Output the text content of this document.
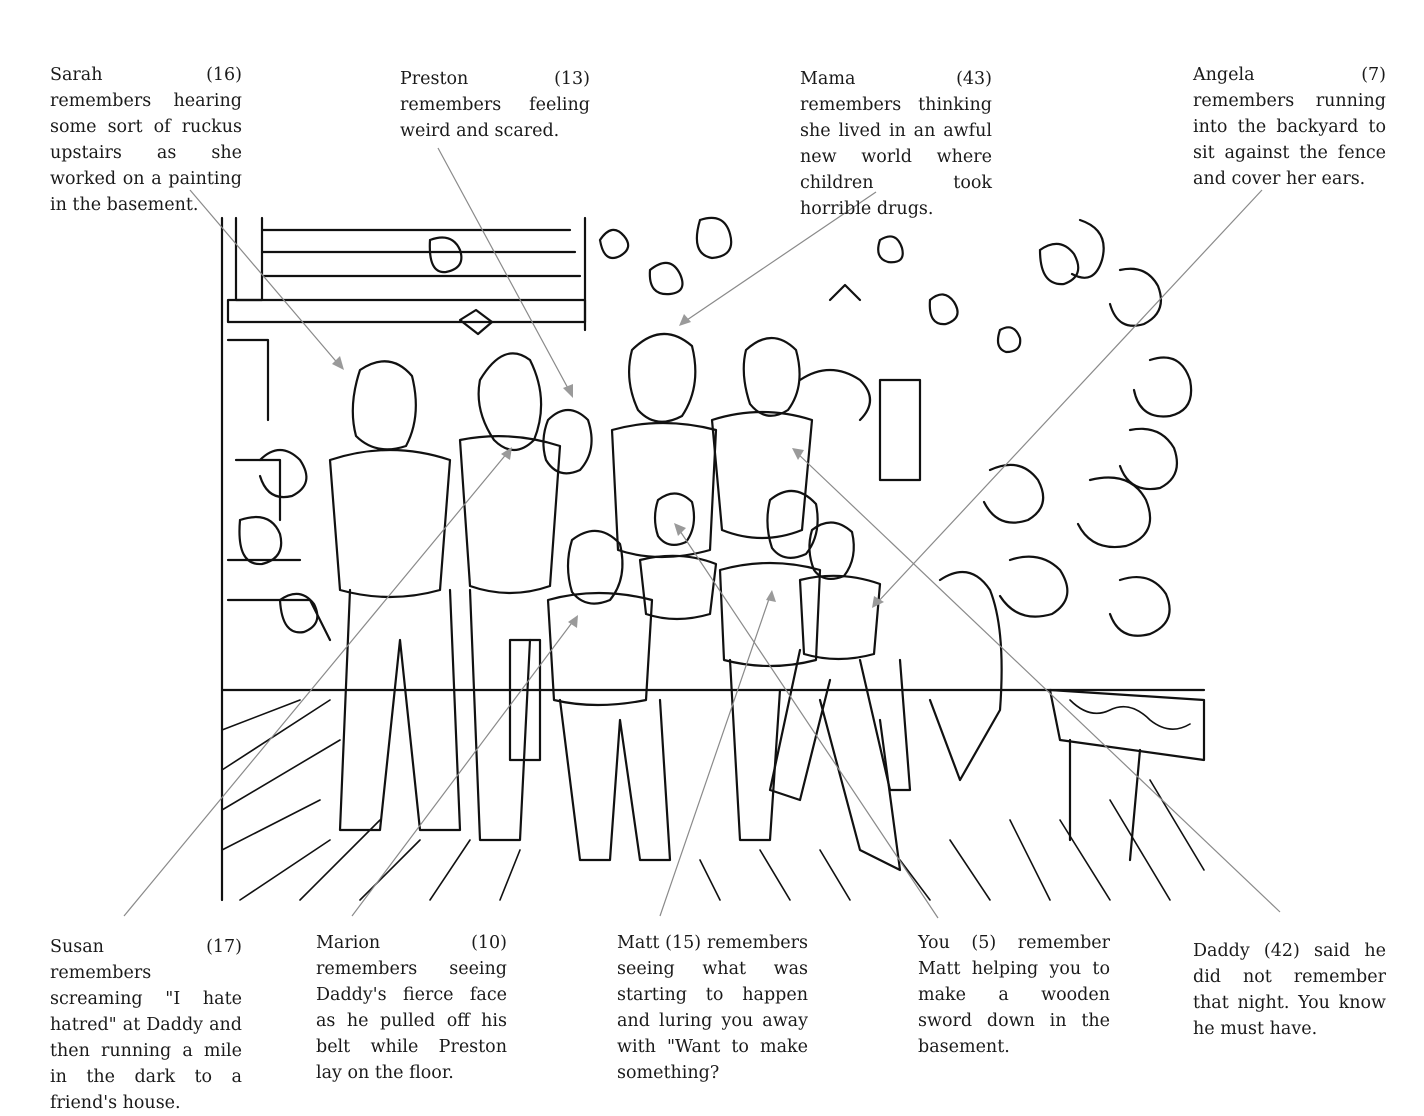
Sarah (16) remembers hearing some sort of ruckus upstairs as she worked on a painting in the basement.

Preston (13) remembers feeling weird and scared.

Mama (43) remembers thinking she lived in an awful new world where children took horrible drugs.

Angela (7) remembers running into the backyard to sit against the fence and cover her ears.

Susan (17) remembers screaming "I hate hatred" at Daddy and then running a mile in the dark to a friend's house.

Marion (10) remembers seeing Daddy's fierce face as he pulled off his belt while Preston lay on the floor.

Matt (15) remembers seeing what was starting to happen and luring you away with "Want to make something?

You (5) remember Matt helping you to make a wooden sword down in the basement.

Daddy (42) said he did not remember that night. You know he must have.
